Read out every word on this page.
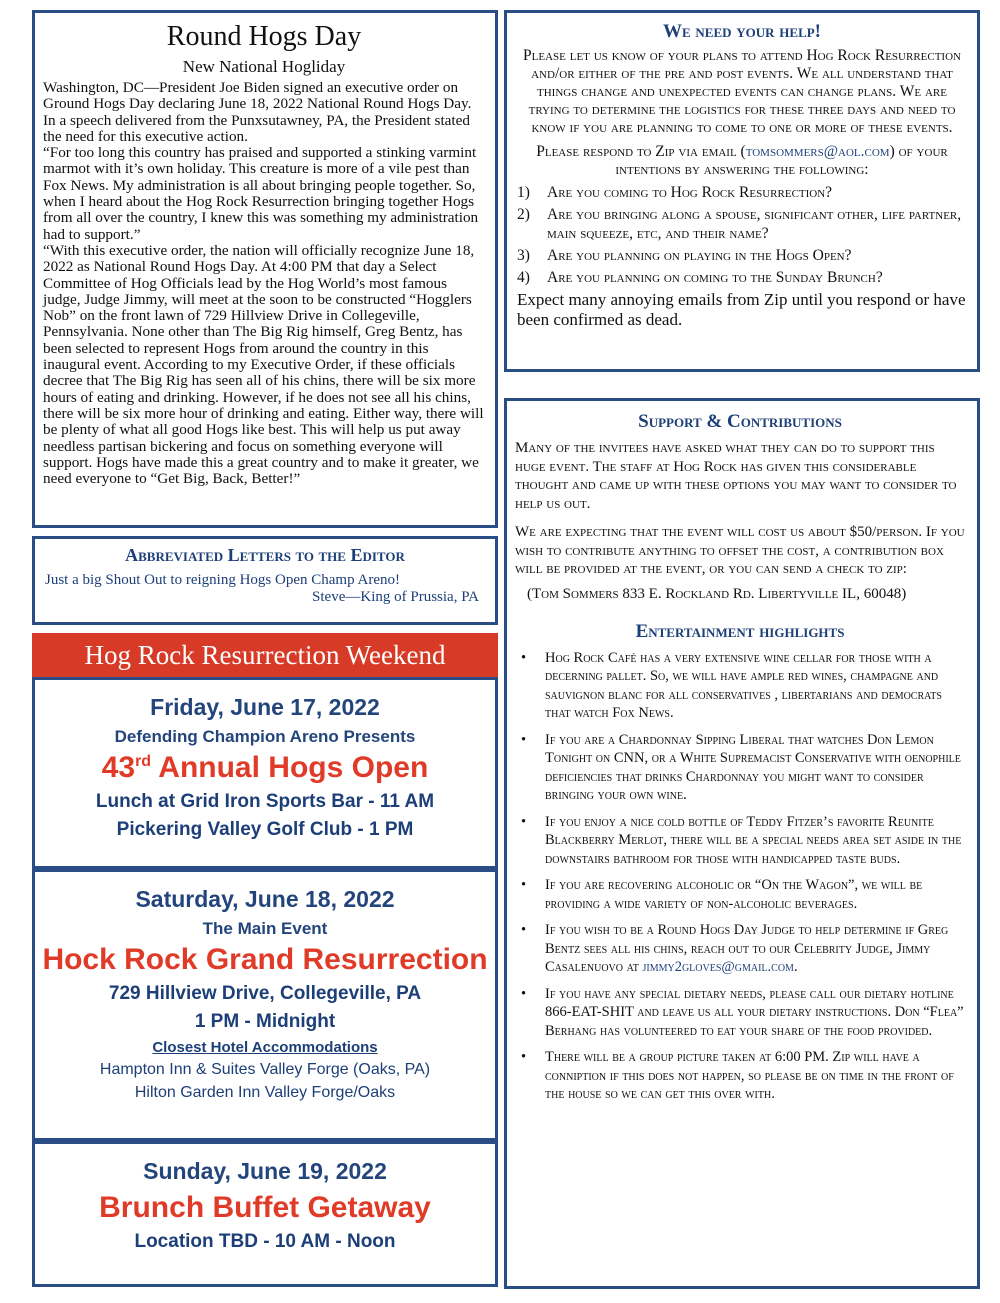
Round Hogs Day
New National Hogliday

Washington, DC—President Joe Biden signed an executive order on Ground Hogs Day declaring June 18, 2022 National Round Hogs Day. In a speech delivered from the Punxsutawney, PA, the President stated the need for this executive action.

“For too long this country has praised and supported a stinking varmint marmot with it’s own holiday. This creature is more of a vile pest than Fox News. My administration is all about bringing people together. So, when I heard about the Hog Rock Resurrection bringing together Hogs from all over the country, I knew this was something my administration had to support.”

“With this executive order, the nation will officially recognize June 18, 2022 as National Round Hogs Day. At 4:00 PM that day a Select Committee of Hog Officials lead by the Hog World’s most famous judge, Judge Jimmy, will meet at the soon to be constructed “Hogglers Nob” on the front lawn of 729 Hillview Drive in Collegeville, Pennsylvania. None other than The Big Rig himself, Greg Bentz, has been selected to represent Hogs from around the country in this inaugural event. According to my Executive Order, if these officials decree that The Big Rig has seen all of his chins, there will be six more hours of eating and drinking. However, if he does not see all his chins, there will be six more hour of drinking and eating. Either way, there will be plenty of what all good Hogs like best. This will help us put away needless partisan bickering and focus on something everyone will support. Hogs have made this a great country and to make it greater, we need everyone to “Get Big, Back, Better!”

Abbreviated Letters to the Editor
Just a big Shout Out to reigning Hogs Open Champ Areno!
Steve—King of Prussia, PA
Hog Rock Resurrection Weekend
Friday, June 17, 2022
Defending Champion Areno Presents
43rd Annual Hogs Open
Lunch at Grid Iron Sports Bar - 11 AM
Pickering Valley Golf Club - 1 PM
Saturday, June 18, 2022
The Main Event
Hock Rock Grand Resurrection
729 Hillview Drive, Collegeville, PA
1 PM - Midnight
Closest Hotel Accommodations
Hampton Inn & Suites Valley Forge (Oaks, PA)
Hilton Garden Inn Valley Forge/Oaks
Sunday, June 19, 2022
Brunch Buffet Getaway
Location TBD - 10 AM - Noon
We need your help!

Please let us know of your plans to attend Hog Rock Resurrection and/or either of the pre and post events. We all understand that things change and unexpected events can change plans. We are trying to determine the logistics for these three days and need to know if you are planning to come to one or more of these events.

Please respond to Zip via email (tomsommers@aol.com) of your intentions by answering the following:

1)	Are you coming to Hog Rock Resurrection?
2)	Are you bringing along a spouse, significant other, life partner, main squeeze, etc, and their name?
3)	Are you planning on playing in the Hogs Open?
4)	Are you planning on coming to the Sunday Brunch?
Expect many annoying emails from Zip until you respond or have been confirmed as dead.
Support & Contributions

Many of the invitees have asked what they can do to support this huge event. The staff at Hog Rock has given this considerable thought and came up with these options you may want to consider to help us out.

We are expecting that the event will cost us about $50/person. If you wish to contribute anything to offset the cost, a contribution box will be provided at the event, or you can send a check to zip:

(Tom Sommers 833 E. Rockland Rd. Libertyville IL, 60048)
Entertainment highlights
•	Hog Rock Café has a very extensive wine cellar for those with a decerning pallet. So, we will have ample red wines, champagne and sauvignon blanc for all conservatives , libertarians and democrats that watch Fox News.
•	If you are a Chardonnay Sipping Liberal that watches Don Lemon Tonight on CNN, or a White Supremacist Conservative with oenophile deficiencies that drinks Chardonnay you might want to consider bringing your own wine.
•	If you enjoy a nice cold bottle of Teddy Fitzer’s favorite Reunite Blackberry Merlot, there will be a special needs area set aside in the downstairs bathroom for those with handicapped taste buds.
•	If you are recovering alcoholic or “On the Wagon”, we will be providing a wide variety of non-alcoholic beverages.
•	If you wish to be a Round Hogs Day Judge to help determine if Greg Bentz sees all his chins, reach out to our Celebrity Judge, Jimmy Casalenuovo at jimmy2gloves@gmail.com.
•	If you have any special dietary needs, please call our dietary hotline 866-EAT-SHIT and leave us all your dietary instructions. Don “Flea” Berhang has volunteered to eat your share of the food provided.
•	There will be a group picture taken at 6:00 PM. Zip will have a conniption if this does not happen, so please be on time in the front of the house so we can get this over with.
